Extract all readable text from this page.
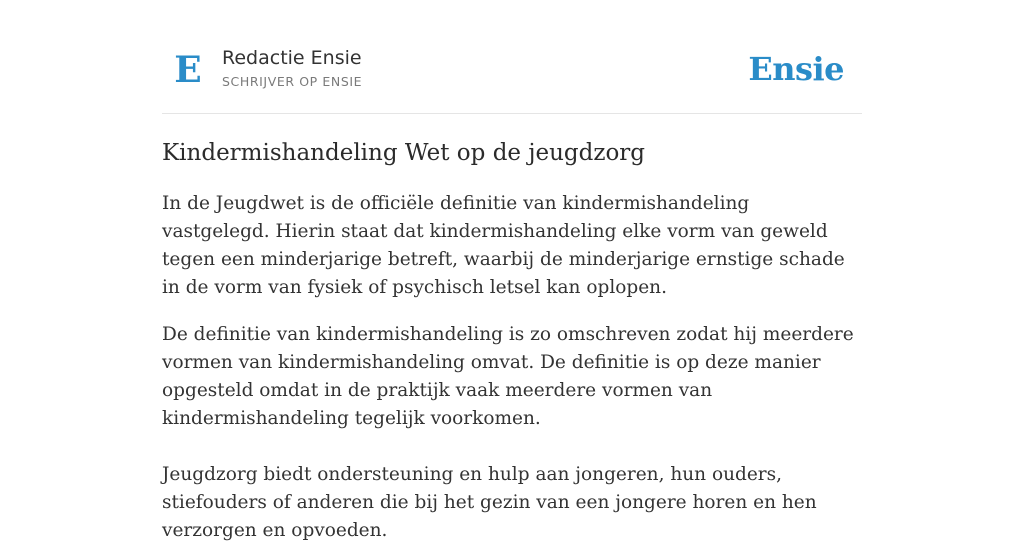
E Redactie Ensie
SCHRIJVER OP ENSIE	Ensie
Kindermishandeling Wet op de jeugdzorg

In de Jeugdwet is de officiële definitie van kindermishandeling vastgelegd. Hierin staat dat kindermishandeling elke vorm van geweld tegen een minderjarige betreft, waarbij de minderjarige ernstige schade in de vorm van fysiek of psychisch letsel kan oplopen.

De definitie van kindermishandeling is zo omschreven zodat hij meerdere vormen van kindermishandeling omvat. De definitie is op deze manier opgesteld omdat in de praktijk vaak meerdere vormen van kindermishandeling tegelijk voorkomen.

Jeugdzorg biedt ondersteuning en hulp aan jongeren, hun ouders, stiefouders of anderen die bij het gezin van een jongere horen en hen verzorgen en opvoeden.
